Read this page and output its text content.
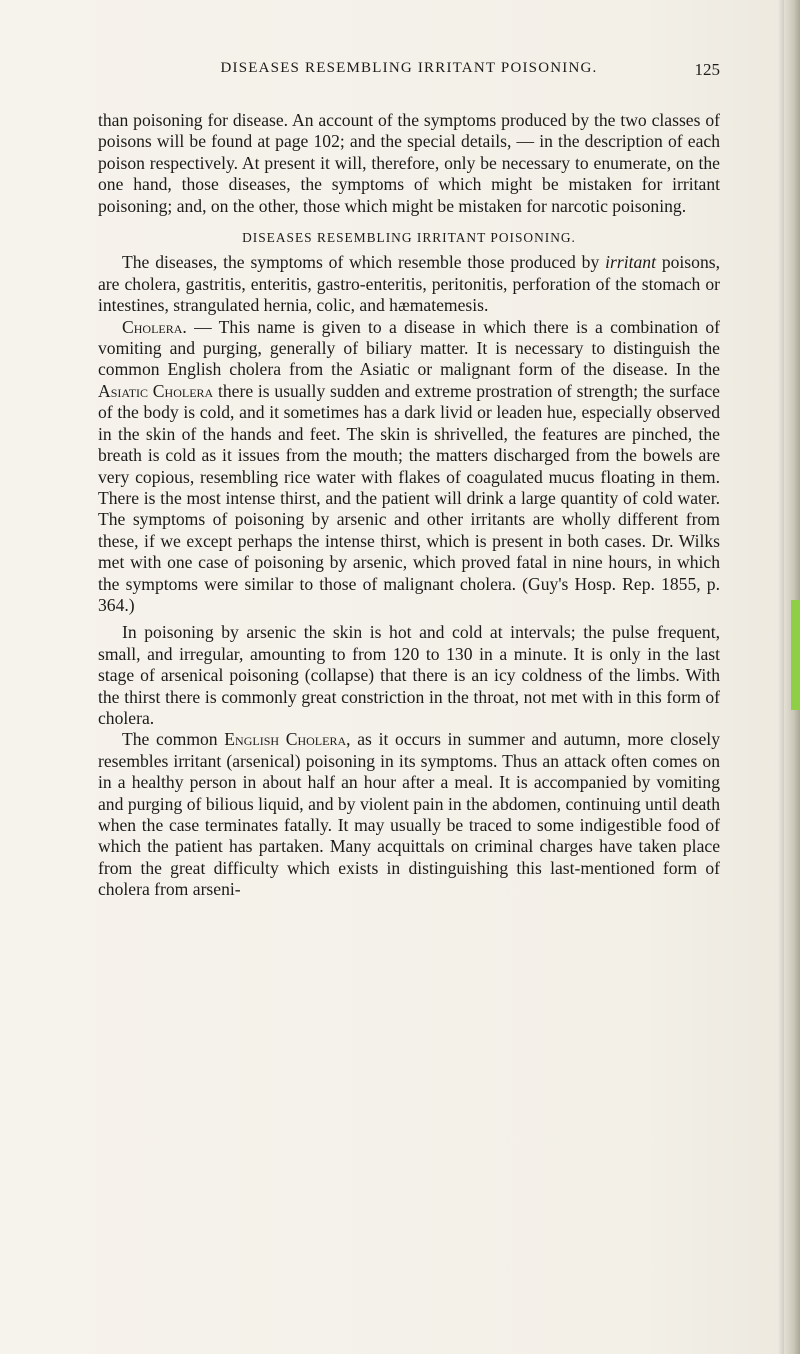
DISEASES RESEMBLING IRRITANT POISONING.	125

than poisoning for disease. An account of the symptoms produced by the two classes of poisons will be found at page 102; and the special details, — in the description of each poison respectively. At present it will, therefore, only be necessary to enumerate, on the one hand, those diseases, the symptoms of which might be mistaken for irritant poisoning; and, on the other, those which might be mistaken for narcotic poisoning.

DISEASES RESEMBLING IRRITANT POISONING.

The diseases, the symptoms of which resemble those produced by irritant poisons, are cholera, gastritis, enteritis, gastro-enteritis, peritonitis, perforation of the stomach or intestines, strangulated hernia, colic, and hæmatemesis.

Cholera. — This name is given to a disease in which there is a combination of vomiting and purging, generally of biliary matter. It is necessary to distinguish the common English cholera from the Asiatic or malignant form of the disease. In the Asiatic Cholera there is usually sudden and extreme prostration of strength; the surface of the body is cold, and it sometimes has a dark livid or leaden hue, especially observed in the skin of the hands and feet. The skin is shrivelled, the features are pinched, the breath is cold as it issues from the mouth; the matters discharged from the bowels are very copious, resembling rice water with flakes of coagulated mucus floating in them. There is the most intense thirst, and the patient will drink a large quantity of cold water. The symptoms of poisoning by arsenic and other irritants are wholly different from these, if we except perhaps the intense thirst, which is present in both cases. Dr. Wilks met with one case of poisoning by arsenic, which proved fatal in nine hours, in which the symptoms were similar to those of malignant cholera. (Guy's Hosp. Rep. 1855, p. 364.)

In poisoning by arsenic the skin is hot and cold at intervals; the pulse frequent, small, and irregular, amounting to from 120 to 130 in a minute. It is only in the last stage of arsenical poisoning (collapse) that there is an icy coldness of the limbs. With the thirst there is commonly great constriction in the throat, not met with in this form of cholera.

The common English Cholera, as it occurs in summer and autumn, more closely resembles irritant (arsenical) poisoning in its symptoms. Thus an attack often comes on in a healthy person in about half an hour after a meal. It is accompanied by vomiting and purging of bilious liquid, and by violent pain in the abdomen, continuing until death when the case terminates fatally. It may usually be traced to some indigestible food of which the patient has partaken. Many acquittals on criminal charges have taken place from the great difficulty which exists in distinguishing this last-mentioned form of cholera from arseni-
